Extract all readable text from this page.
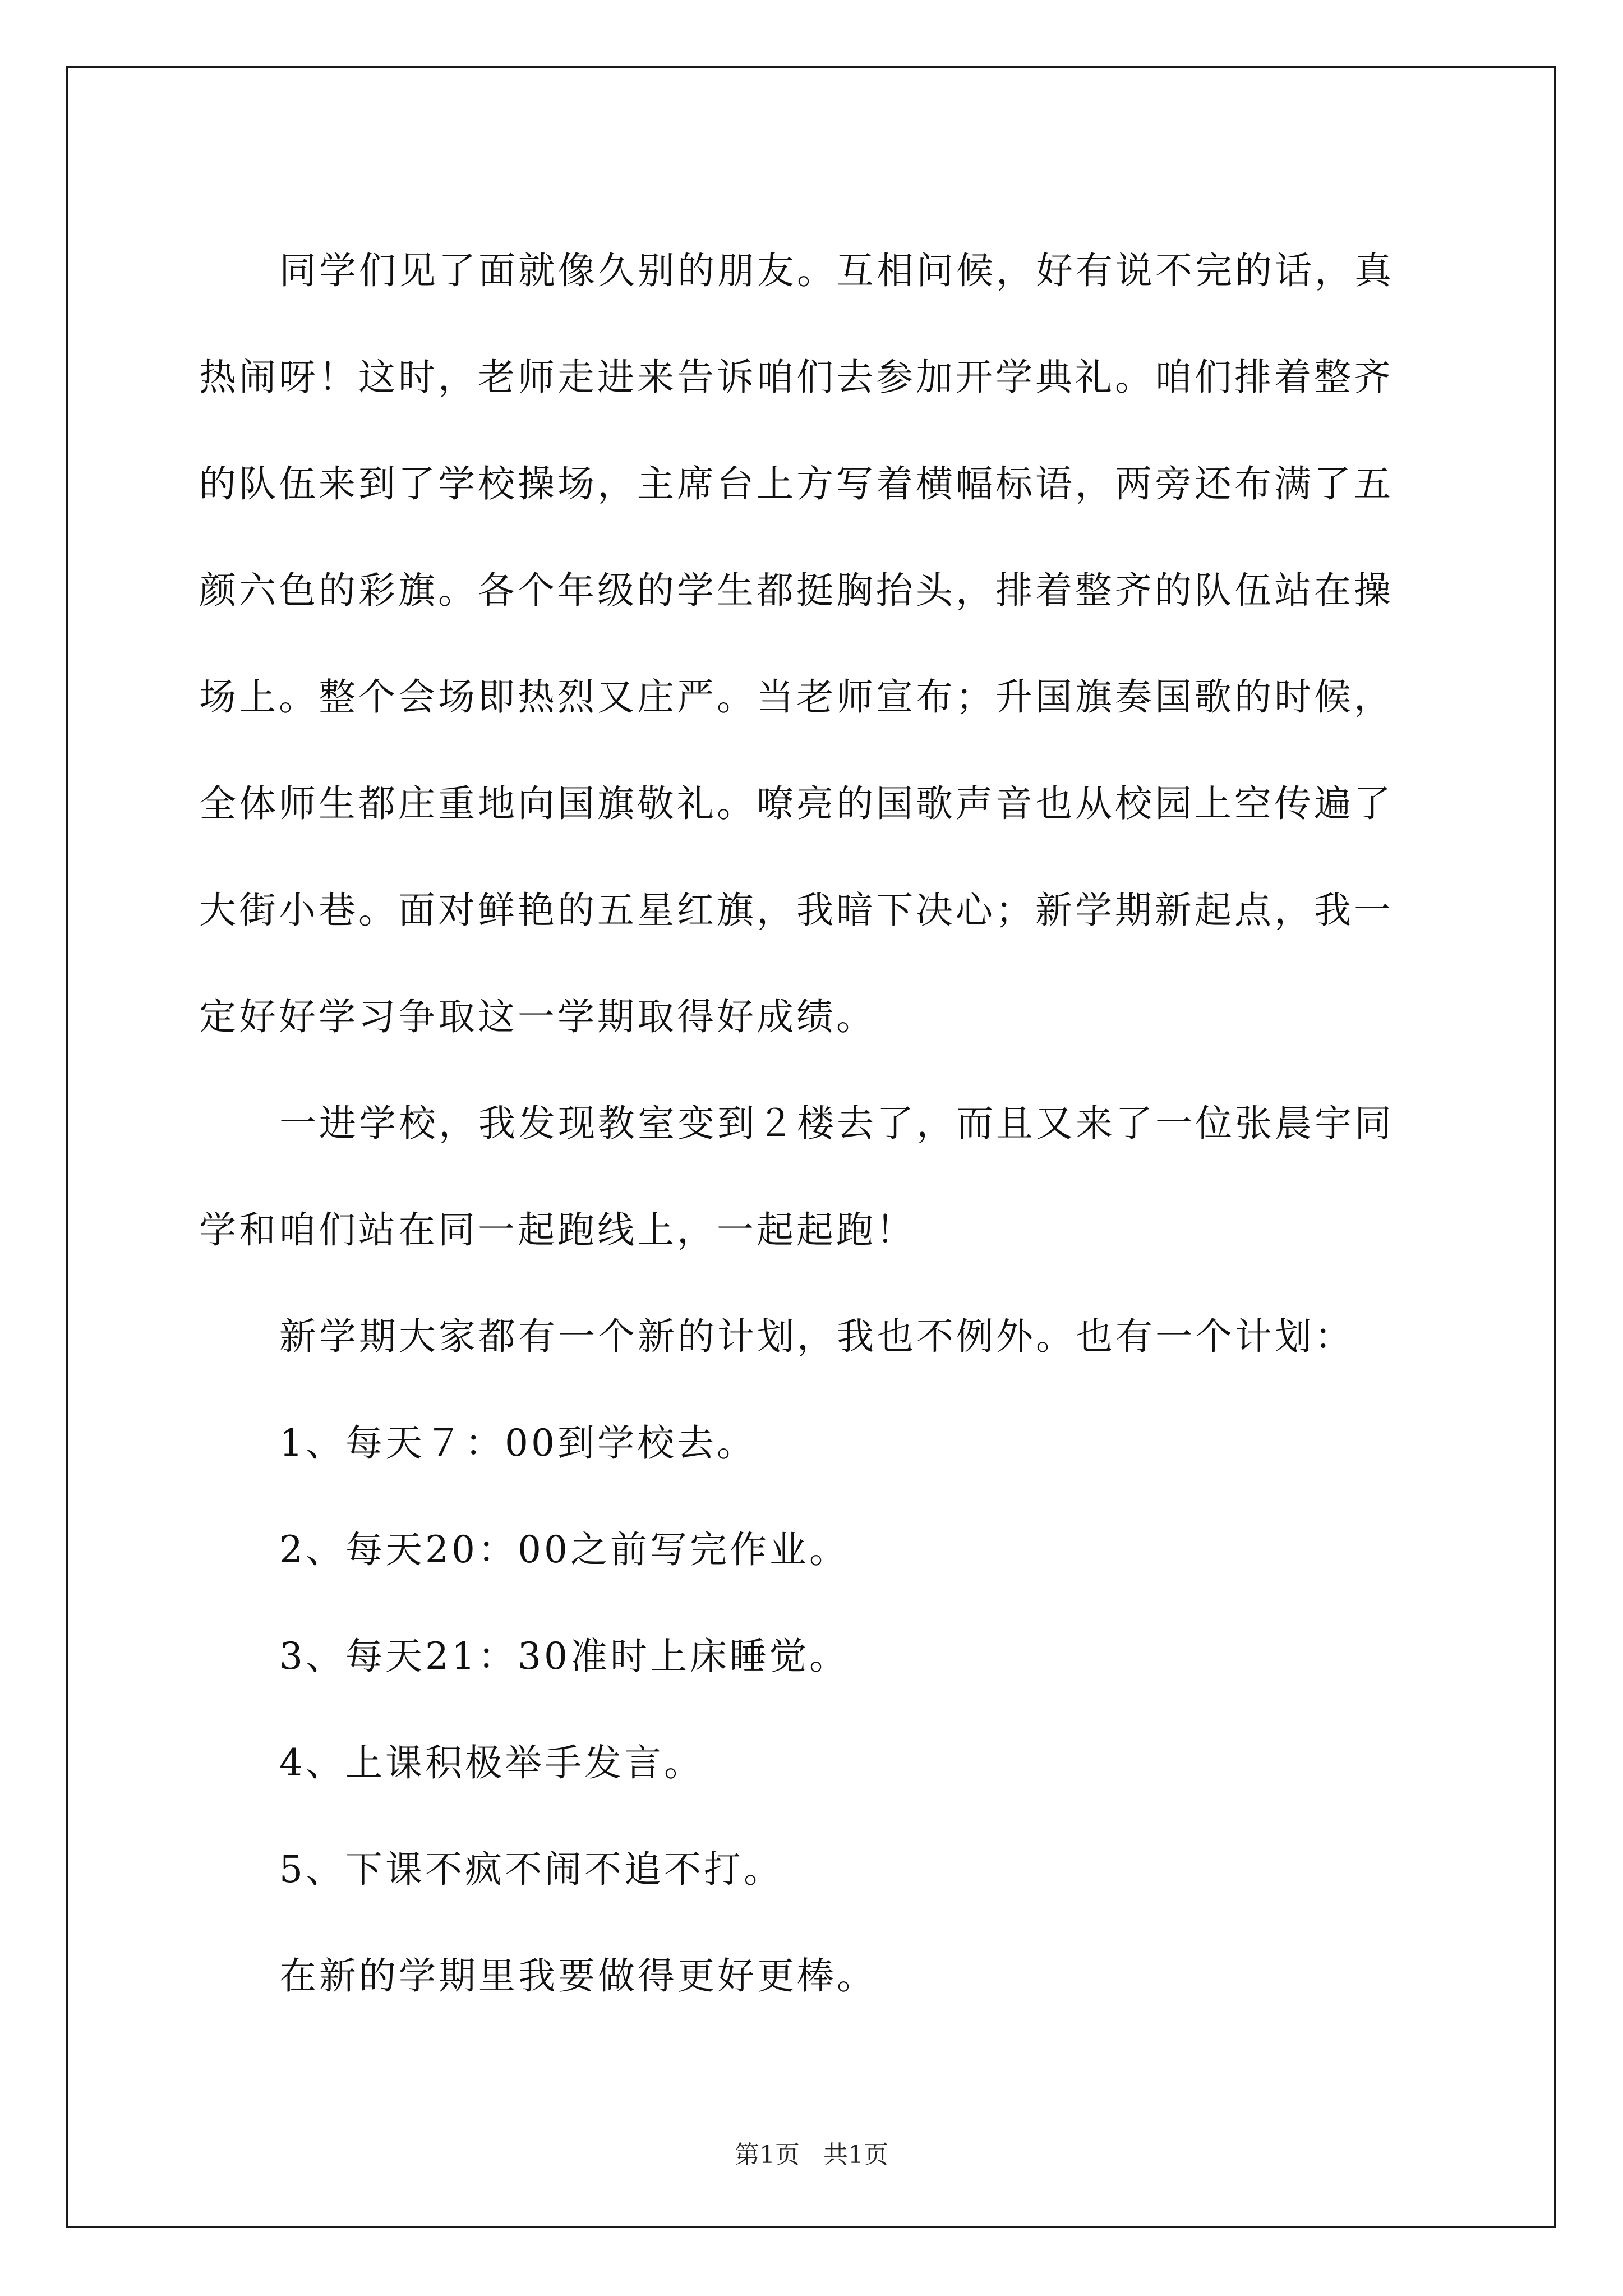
同学们见了面就像久别的朋友。互相问候，好有说不完的话，真
热闹呀！这时，老师走进来告诉咱们去参加开学典礼。咱们排着整齐
的队伍来到了学校操场，主席台上方写着横幅标语，两旁还布满了五
颜六色的彩旗。各个年级的学生都挺胸抬头，排着整齐的队伍站在操
场上。整个会场即热烈又庄严。当老师宣布；升国旗奏国歌的时候，
全体师生都庄重地向国旗敬礼。嘹亮的国歌声音也从校园上空传遍了
大街小巷。面对鲜艳的五星红旗，我暗下决心；新学期新起点，我一
定好好学习争取这一学期取得好成绩。

一进学校，我发现教室变到２楼去了，而且又来了一位张晨宇同
学和咱们站在同一起跑线上，一起起跑！

新学期大家都有一个新的计划，我也不例外。也有一个计划：

1、每天７：00到学校去。

2、每天20：00之前写完作业。

3、每天21：30准时上床睡觉。

4、上课积极举手发言。

5、下课不疯不闹不追不打。

在新的学期里我要做得更好更棒。

第1页   共1页
